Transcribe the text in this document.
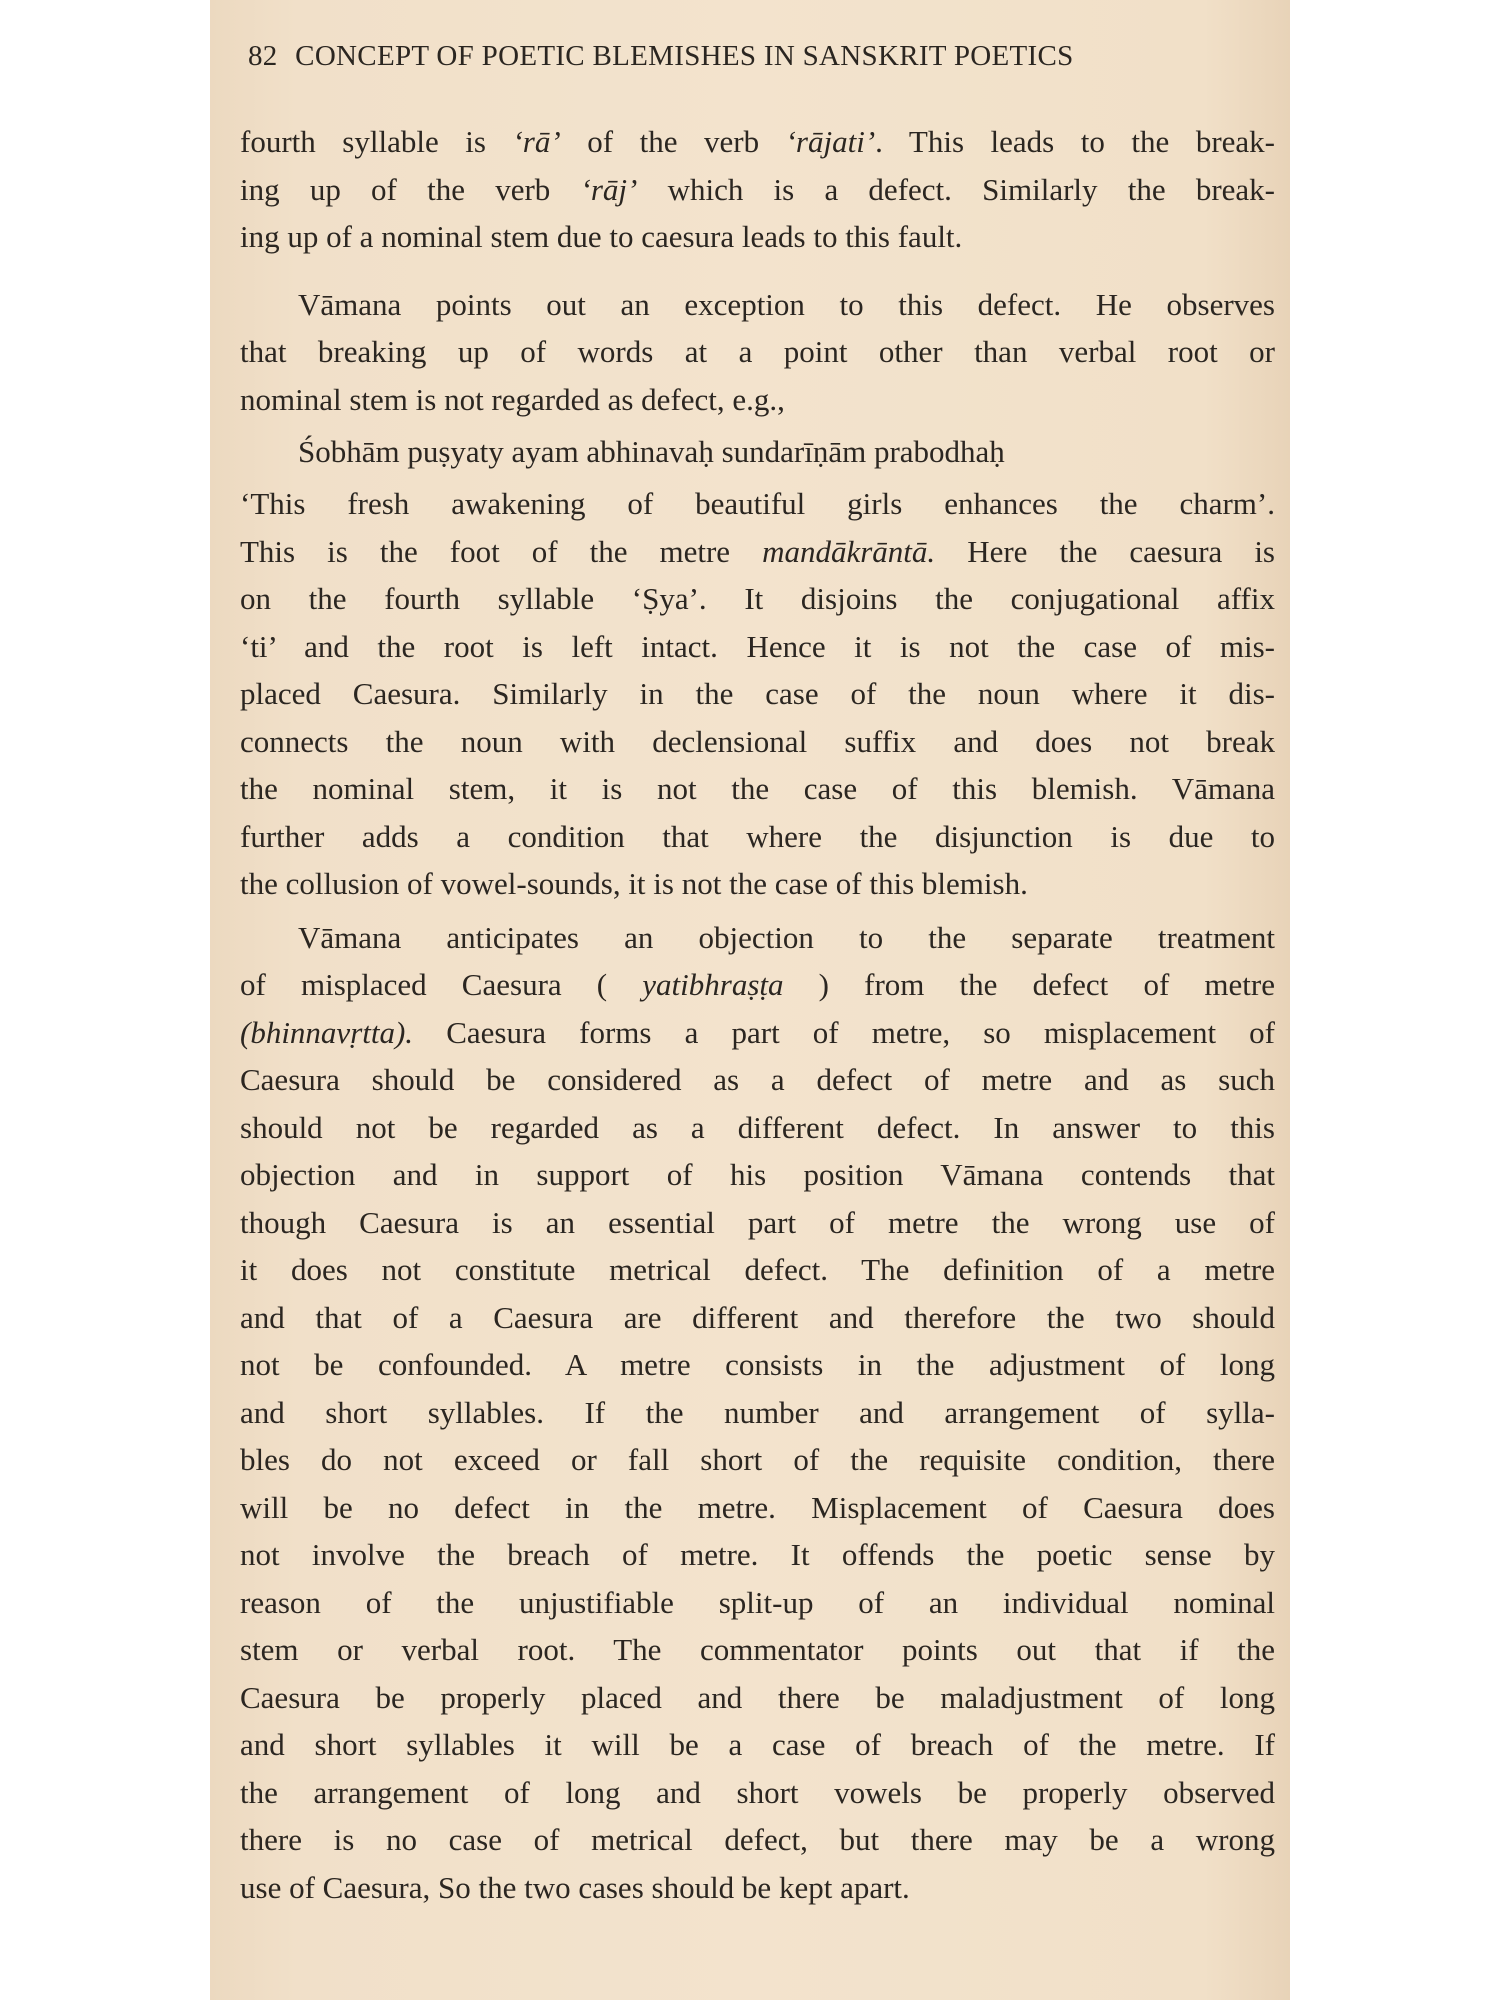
82 CONCEPT OF POETIC BLEMISHES IN SANSKRIT POETICS
fourth syllable is ‘rā’ of the verb ‘rājati’. This leads to the break-
ing up of the verb ‘rāj’ which is a defect. Similarly the break-
ing up of a nominal stem due to caesura leads to this fault.
Vāmana points out an exception to this defect. He observes
that breaking up of words at a point other than verbal root or
nominal stem is not regarded as defect, e.g.,
Śobhām puṣyaty ayam abhinavaḥ sundarīṇām prabodhaḥ
‘This fresh awakening of beautiful girls enhances the charm’.
This is the foot of the metre mandākrāntā. Here the caesura is
on the fourth syllable ‘Ṣya’. It disjoins the conjugational affix
‘ti’ and the root is left intact. Hence it is not the case of mis-
placed Caesura. Similarly in the case of the noun where it dis-
connects the noun with declensional suffix and does not break
the nominal stem, it is not the case of this blemish. Vāmana
further adds a condition that where the disjunction is due to
the collusion of vowel-sounds, it is not the case of this blemish.
Vāmana anticipates an objection to the separate treatment
of misplaced Caesura ( yatibhraṣṭa ) from the defect of metre
(bhinnavṛtta). Caesura forms a part of metre, so misplacement of
Caesura should be considered as a defect of metre and as such
should not be regarded as a different defect. In answer to this
objection and in support of his position Vāmana contends that
though Caesura is an essential part of metre the wrong use of
it does not constitute metrical defect. The definition of a metre
and that of a Caesura are different and therefore the two should
not be confounded. A metre consists in the adjustment of long
and short syllables. If the number and arrangement of sylla-
bles do not exceed or fall short of the requisite condition, there
will be no defect in the metre. Misplacement of Caesura does
not involve the breach of metre. It offends the poetic sense by
reason of the unjustifiable split-up of an individual nominal
stem or verbal root. The commentator points out that if the
Caesura be properly placed and there be maladjustment of long
and short syllables it will be a case of breach of the metre. If
the arrangement of long and short vowels be properly observed
there is no case of metrical defect, but there may be a wrong
use of Caesura, So the two cases should be kept apart.
